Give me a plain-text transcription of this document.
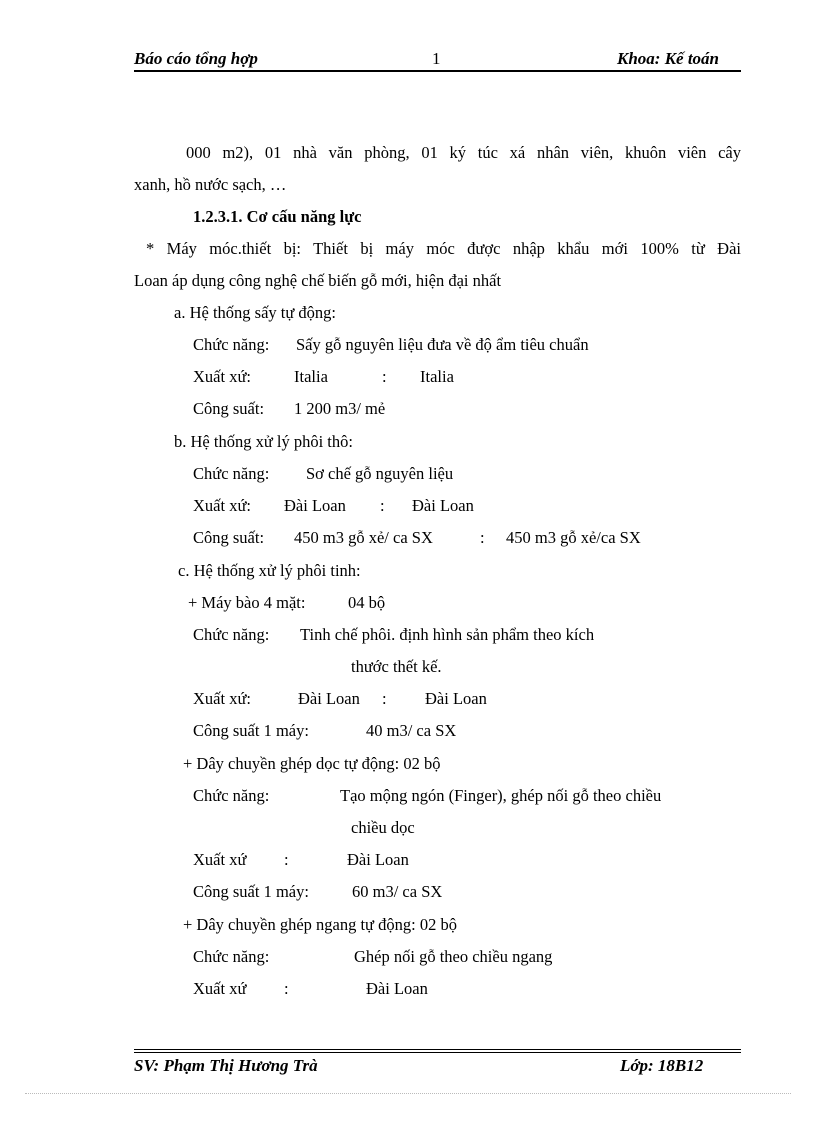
Báo cáo tổng hợp	1	Khoa: Kế toán
000 m2), 01 nhà văn phòng, 01 ký túc xá nhân viên, khuôn viên cây
xanh, hồ nước sạch, …
1.2.3.1. Cơ cấu năng lực
* Máy móc.thiết bị: Thiết bị máy móc được nhập khẩu mới 100% từ Đài
Loan áp dụng công nghệ chế biến gỗ mới, hiện đại nhất
a. Hệ thống sấy tự động:
Chức năng: Sấy gỗ nguyên liệu đưa về độ ẩm tiêu chuẩn
Xuất xứ:	Italia	: Italia
Công suất: 1 200 m3/ mẻ
b. Hệ thống xử lý phôi thô:
Chức năng: Sơ chế gỗ nguyên liệu
Xuất xứ: Đài Loan : Đài Loan
Công suất: 450 m3 gỗ xẻ/ ca SX	: 450 m3 gỗ xẻ/ca SX
c. Hệ thống xử lý phôi tinh:
+ Máy bào 4 mặt:	04 bộ
Chức năng: Tinh chế phôi. định hình sản phẩm theo kích
thước thết kế.
Xuất xứ:	Đài Loan : Đài Loan
Công suất 1 máy:	40 m3/ ca SX
+ Dây chuyền ghép dọc tự động: 02 bộ
Chức năng:	Tạo mộng ngón (Finger), ghép nối gỗ theo chiều
chiều dọc
Xuất xứ :	Đài Loan
Công suất 1 máy:	60 m3/ ca SX
+ Dây chuyền ghép ngang tự động: 02 bộ
Chức năng:	Ghép nối gỗ theo chiều ngang
Xuất xứ :	Đài Loan
SV: Phạm Thị Hương Trà	Lớp: 18B12
